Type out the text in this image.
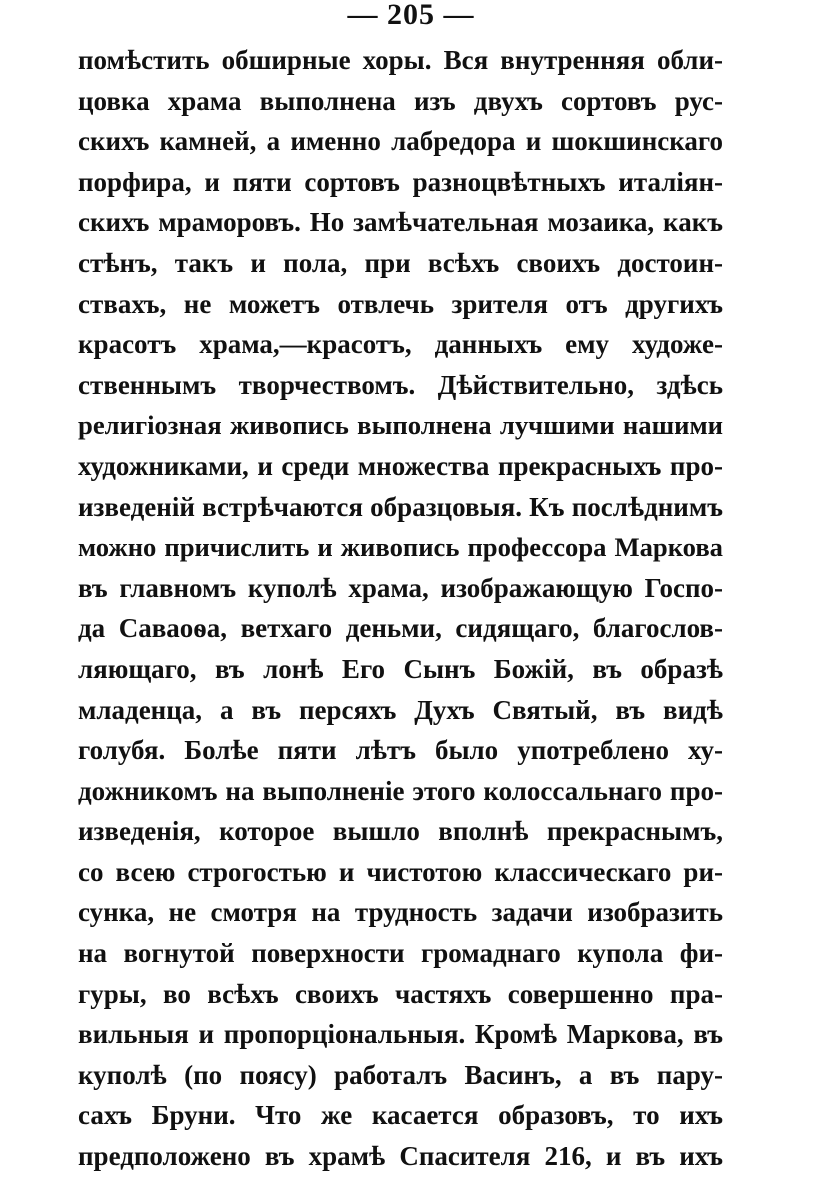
— 205 —
помѣстить обширные хоры. Вся внутренняя обли-
цовка храма выполнена изъ двухъ сортовъ рус-
скихъ камней, а именно лабредора и шокшинскаго
порфира, и пяти сортовъ разноцвѣтныхъ италіян-
скихъ мраморовъ. Но замѣчательная мозаика, какъ
стѣнъ, такъ и пола, при всѣхъ своихъ достоин-
ствахъ, не можетъ отвлечь зрителя отъ другихъ
красотъ храма,—красотъ, данныхъ ему художе-
ственнымъ творчествомъ. Дѣйствительно, здѣсь
религіозная живопись выполнена лучшими нашими
художниками, и среди множества прекрасныхъ про-
изведеній встрѣчаются образцовыя. Къ послѣднимъ
можно причислить и живопись профессора Маркова
въ главномъ куполѣ храма, изображающую Госпо-
да Саваоѳа, ветхаго деньми, сидящаго, благослов-
ляющаго, въ лонѣ Его Сынъ Божій, въ образѣ
младенца, а въ персяхъ Духъ Святый, въ видѣ
голубя. Болѣе пяти лѣтъ было употреблено ху-
дожникомъ на выполненіе этого колоссальнаго про-
изведенія, которое вышло вполнѣ прекраснымъ,
со всею строгостью и чистотою классическаго ри-
сунка, не смотря на трудность задачи изобразить
на вогнутой поверхности громаднаго купола фи-
гуры, во всѣхъ своихъ частяхъ совершенно пра-
вильныя и пропорціональныя. Кромѣ Маркова, въ
куполѣ (по поясу) работалъ Васинъ, а въ пару-
сахъ Бруни. Что же касается образовъ, то ихъ
предположено въ храмѣ Спасителя 216, и въ ихъ
